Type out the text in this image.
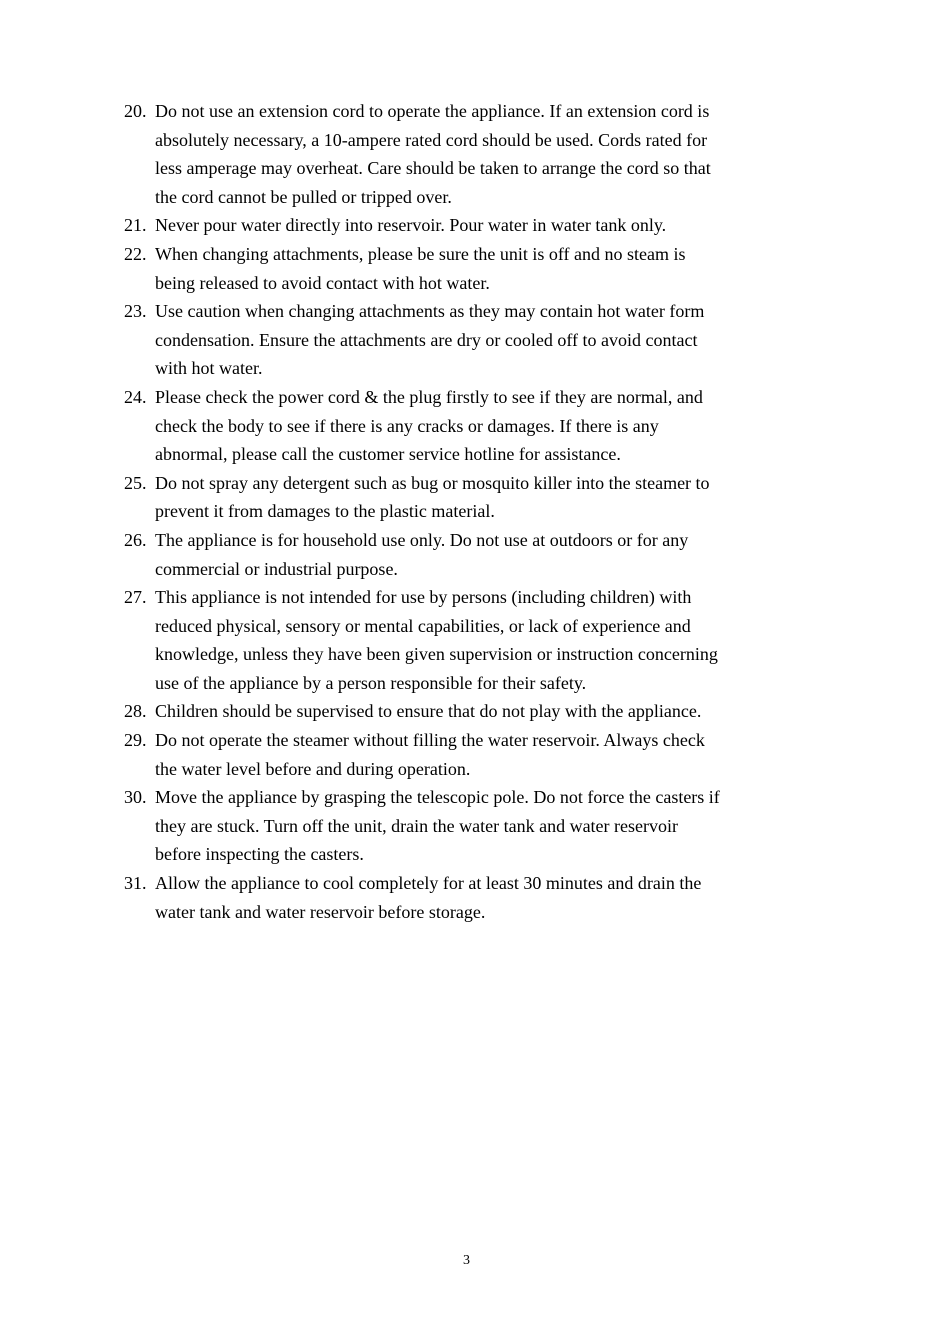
20. Do not use an extension cord to operate the appliance. If an extension cord is
absolutely necessary, a 10-ampere rated cord should be used. Cords rated for
less amperage may overheat. Care should be taken to arrange the cord so that
the cord cannot be pulled or tripped over.

21. Never pour water directly into reservoir. Pour water in water tank only.

22. When changing attachments, please be sure the unit is off and no steam is
being released to avoid contact with hot water.

23. Use caution when changing attachments as they may contain hot water form
condensation. Ensure the attachments are dry or cooled off to avoid contact
with hot water.

24. Please check the power cord & the plug firstly to see if they are normal, and
check the body to see if there is any cracks or damages. If there is any
abnormal, please call the customer service hotline for assistance.

25. Do not spray any detergent such as bug or mosquito killer into the steamer to
prevent it from damages to the plastic material.

26. The appliance is for household use only. Do not use at outdoors or for any
commercial or industrial purpose.

27. This appliance is not intended for use by persons (including children) with
reduced physical, sensory or mental capabilities, or lack of experience and
knowledge, unless they have been given supervision or instruction concerning
use of the appliance by a person responsible for their safety.

28. Children should be supervised to ensure that do not play with the appliance.

29. Do not operate the steamer without filling the water reservoir. Always check
the water level before and during operation.

30. Move the appliance by grasping the telescopic pole. Do not force the casters if
they are stuck. Turn off the unit, drain the water tank and water reservoir
before inspecting the casters.

31. Allow the appliance to cool completely for at least 30 minutes and drain the
water tank and water reservoir before storage.

3
